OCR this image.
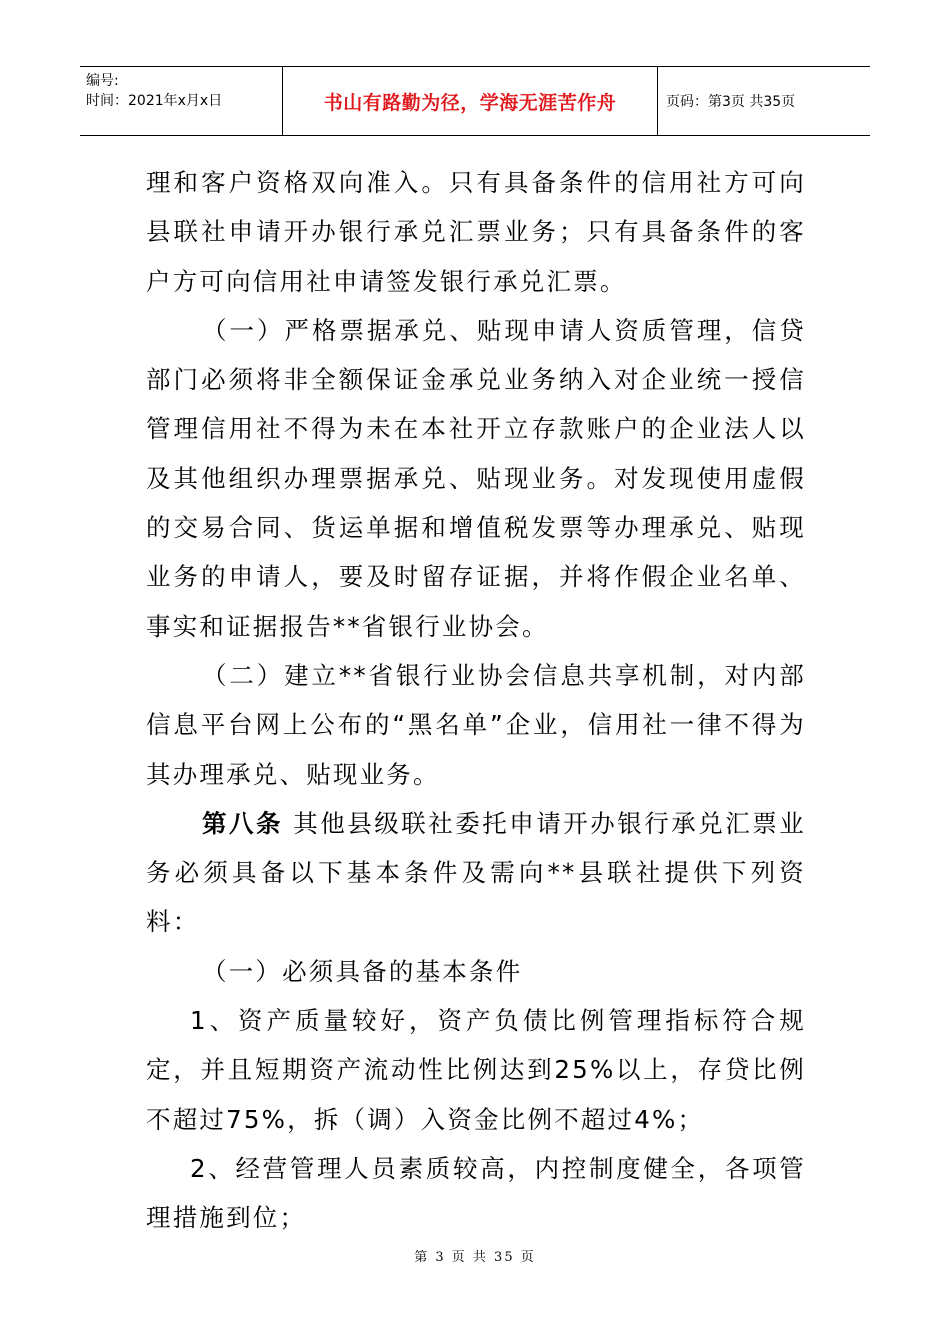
编号:
时间：2021年x月x日	书山有路勤为径，学海无涯苦作舟	页码：第3页 共35页

理和客户资格双向准入。只有具备条件的信用社方可向县联社申请开办银行承兑汇票业务；只有具备条件的客户方可向信用社申请签发银行承兑汇票。

（一）严格票据承兑、贴现申请人资质管理，信贷部门必须将非全额保证金承兑业务纳入对企业统一授信管理信用社不得为未在本社开立存款账户的企业法人以及其他组织办理票据承兑、贴现业务。对发现使用虚假的交易合同、货运单据和增值税发票等办理承兑、贴现业务的申请人，要及时留存证据，并将作假企业名单、事实和证据报告**省银行业协会。

（二）建立**省银行业协会信息共享机制，对内部信息平台网上公布的“黑名单”企业，信用社一律不得为其办理承兑、贴现业务。

第八条 其他县级联社委托申请开办银行承兑汇票业务必须具备以下基本条件及需向**县联社提供下列资料：

（一）必须具备的基本条件

1、资产质量较好，资产负债比例管理指标符合规定，并且短期资产流动性比例达到25%以上，存贷比例不超过75%，拆（调）入资金比例不超过4%；

2、经营管理人员素质较高，内控制度健全，各项管理措施到位；

第 3 页 共 35 页
